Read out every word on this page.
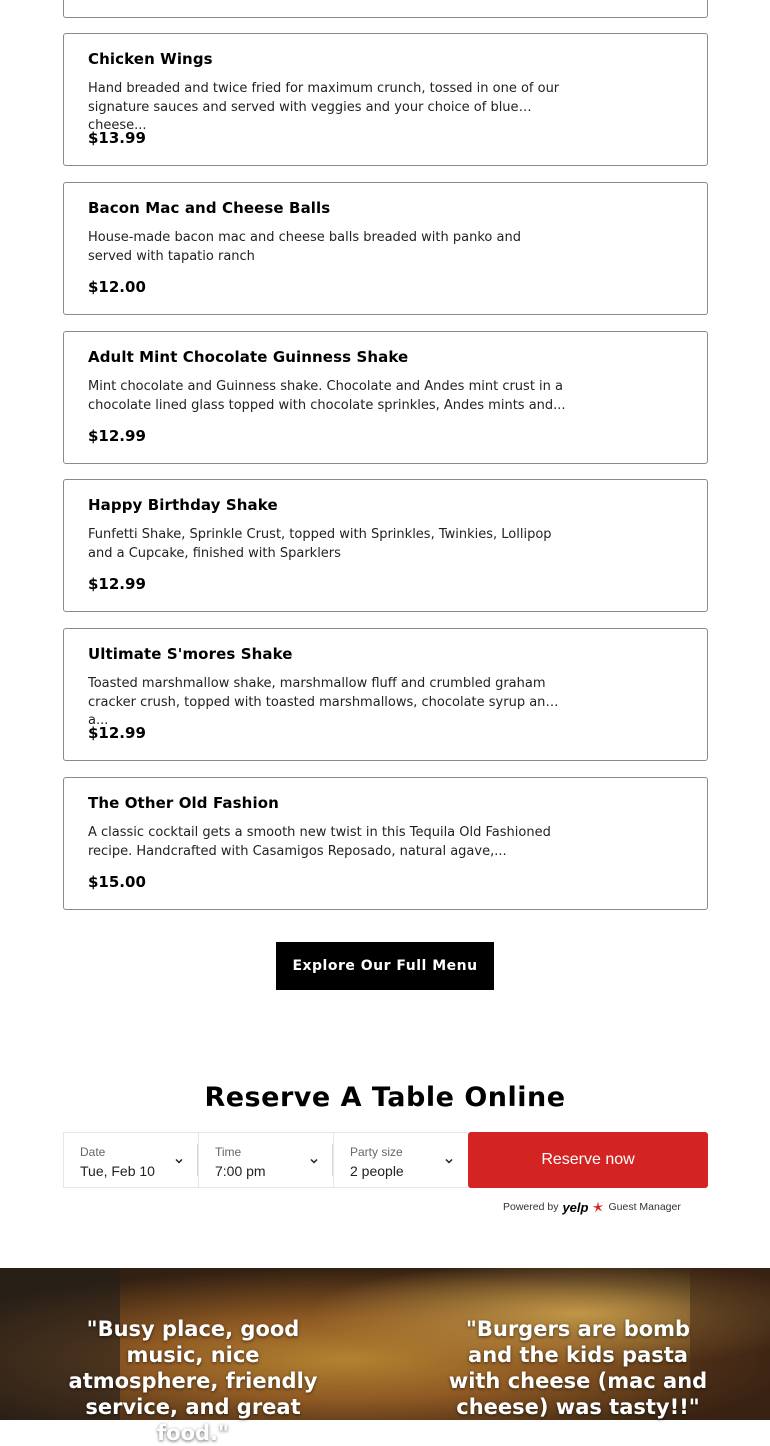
Chicken Wings
Hand breaded and twice fried for maximum crunch, tossed in one of our signature sauces and served with veggies and your choice of blue cheese...
$13.99
Bacon Mac and Cheese Balls
House-made bacon mac and cheese balls breaded with panko and served with tapatio ranch
$12.00
Adult Mint Chocolate Guinness Shake
Mint chocolate and Guinness shake. Chocolate and Andes mint crust in a chocolate lined glass topped with chocolate sprinkles, Andes mints and...
$12.99
Happy Birthday Shake
Funfetti Shake, Sprinkle Crust, topped with Sprinkles, Twinkies, Lollipop and a Cupcake, finished with Sparklers
$12.99
Ultimate S'mores Shake
Toasted marshmallow shake, marshmallow fluff and crumbled graham cracker crush, topped with toasted marshmallows, chocolate syrup and a...
$12.99
The Other Old Fashion
A classic cocktail gets a smooth new twist in this Tequila Old Fashioned recipe. Handcrafted with Casamigos Reposado, natural agave,...
$15.00
Explore Our Full Menu
Reserve A Table Online
Date
Tue, Feb 10
Time
7:00 pm
Party size
2 people
Reserve now
Powered by yelp Guest Manager
"Busy place, good music, nice atmosphere, friendly service, and great food."
"Burgers are bomb and the kids pasta with cheese (mac and cheese) was tasty!!"
